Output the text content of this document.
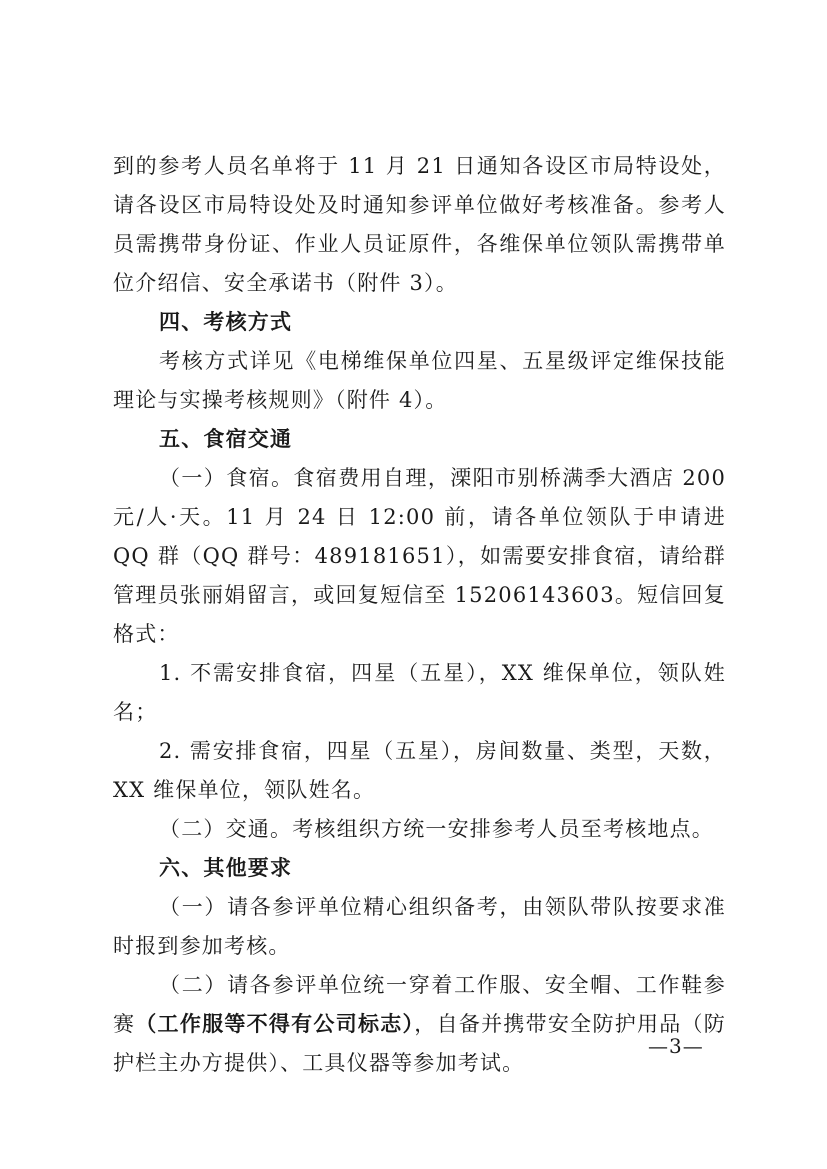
到的参考人员名单将于 11 月 21 日通知各设区市局特设处，请各设区市局特设处及时通知参评单位做好考核准备。参考人员需携带身份证、作业人员证原件，各维保单位领队需携带单位介绍信、安全承诺书（附件 3）。

四、考核方式

考核方式详见《电梯维保单位四星、五星级评定维保技能理论与实操考核规则》（附件 4）。

五、食宿交通

（一）食宿。食宿费用自理，溧阳市别桥满季大酒店 200 元/人·天。11 月 24 日 12:00 前，请各单位领队于申请进 QQ 群（QQ 群号：489181651），如需要安排食宿，请给群管理员张丽娟留言，或回复短信至 15206143603。短信回复格式：

1. 不需安排食宿，四星（五星），XX 维保单位，领队姓名；

2. 需安排食宿，四星（五星），房间数量、类型，天数，XX 维保单位，领队姓名。

（二）交通。考核组织方统一安排参考人员至考核地点。

六、其他要求

（一）请各参评单位精心组织备考，由领队带队按要求准时报到参加考核。

（二）请各参评单位统一穿着工作服、安全帽、工作鞋参赛（工作服等不得有公司标志），自备并携带安全防护用品（防护栏主办方提供）、工具仪器等参加考试。

—3—
